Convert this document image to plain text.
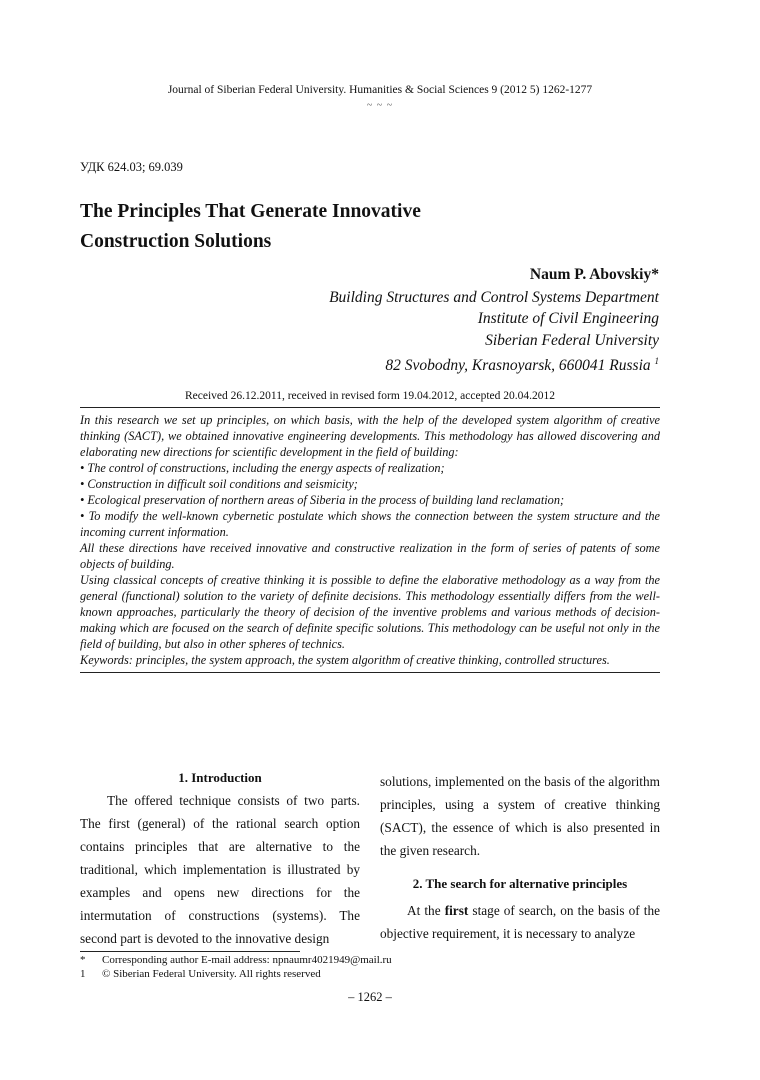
Journal of Siberian Federal University. Humanities & Social Sciences 9 (2012 5) 1262-1277
~ ~ ~
УДК 624.03; 69.039
The Principles That Generate Innovative
Construction Solutions
Naum P. Abovskiy*
Building Structures and Control Systems Department
Institute of Civil Engineering
Siberian Federal University
82 Svobodny, Krasnoyarsk, 660041 Russia $^1$
Received 26.12.2011, received in revised form 19.04.2012, accepted 20.04.2012

In this research we set up principles, on which basis, with the help of the developed system algorithm of creative thinking (SACT), we obtained innovative engineering developments. This methodology has allowed discovering and elaborating new directions for scientific development in the field of building:

• The control of constructions, including the energy aspects of realization;

• Construction in difficult soil conditions and seismicity;

• Ecological preservation of northern areas of Siberia in the process of building land reclamation;

• To modify the well-known cybernetic postulate which shows the connection between the system structure and the incoming current information.

All these directions have received innovative and constructive realization in the form of series of patents of some objects of building.

Using classical concepts of creative thinking it is possible to define the elaborative methodology as a way from the general (functional) solution to the variety of definite decisions. This methodology essentially differs from the well-known approaches, particularly the theory of decision of the inventive problems and various methods of decision-making which are focused on the search of definite specific solutions. This methodology can be useful not only in the field of building, but also in other spheres of technics.

Keywords: principles, the system approach, the system algorithm of creative thinking, controlled structures.

1. Introduction

The offered technique consists of two parts. The first (general) of the rational search option contains principles that are alternative to the traditional, which implementation is illustrated by examples and opens new directions for the intermutation of constructions (systems). The second part is devoted to the innovative design

solutions, implemented on the basis of the algorithm principles, using a system of creative thinking (SACT), the essence of which is also presented in the given research.

2. The search for alternative principles

At the first stage of search, on the basis of the objective requirement, it is necessary to analyze

*	Corresponding author E-mail address: npnaumr4021949@mail.ru
1	© Siberian Federal University. All rights reserved
– 1262 –
